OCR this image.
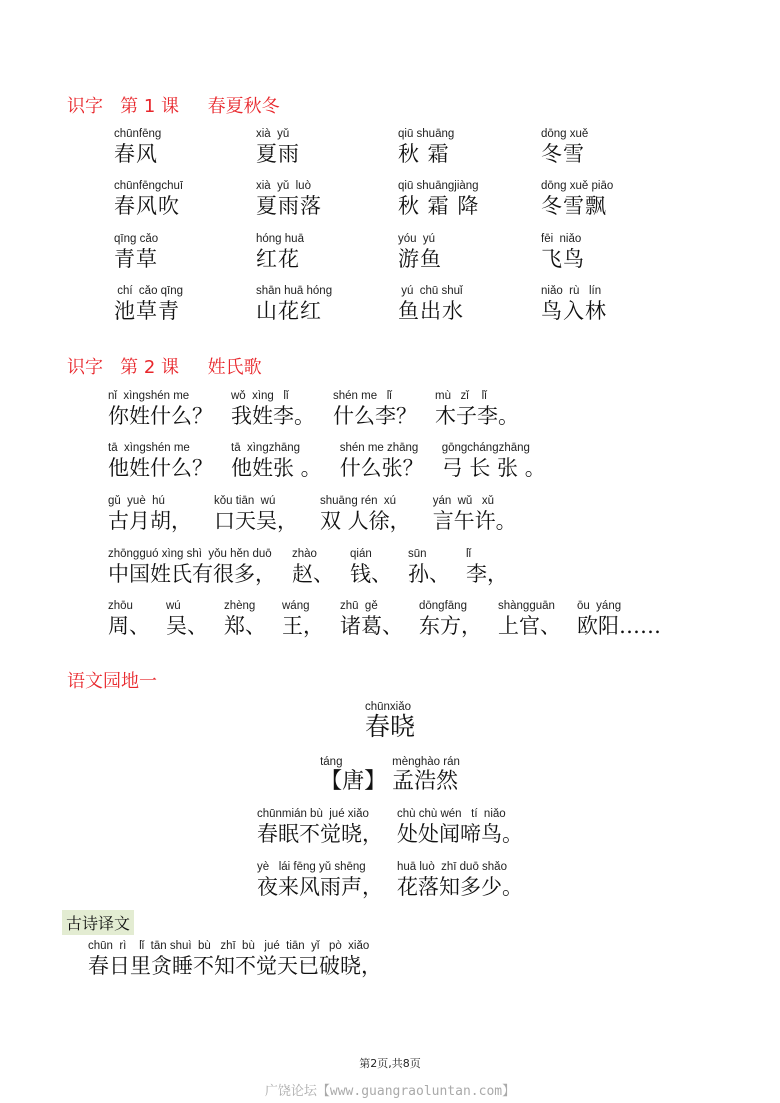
识字   第 1 课     春夏秋冬
chūnfēng
春风
xià  yǔ
夏雨
qiū shuāng
秋 霜
dōng xuě
冬雪
chūnfēngchuī
春风吹
xià  yǔ  luò
夏雨落
qiū shuāngjiàng
秋 霜 降
dōng xuě piāo
冬雪飘
qīng cǎo
青草
hóng huā
红花
yóu  yú
游鱼
fēi  niǎo
飞鸟
chí  cǎo qīng
池草青
shān huā hóng
山花红
yú  chū shuǐ
鱼出水
niǎo  rù   lín
鸟入林
识字   第 2 课     姓氏歌
nǐ  xìngshén me
你姓什么？
wǒ  xìng   lǐ
我姓李。
shén me   lǐ
什么李？
mù   zǐ    lǐ
木子李。
tā  xìngshén me
他姓什么？
tā  xìngzhāng
他姓张 。
shén me zhāng
什么张？
gōngchángzhāng
弓 长 张 。
gǔ  yuè  hú
古月胡，
kǒu tiān  wú
口天吴，
shuāng rén  xú
双 人徐，
yán  wǔ   xǔ
言午许。
zhōngguó xìng shì  yǒu hěn duō
中国姓氏有很多，
zhào
赵、
qián
钱、
sūn
孙、
lǐ
李，
zhōu
周、
wú
吴、
zhèng
郑、
wáng
王，
zhū  gě
诸葛、
dōngfāng
东方，
shàngguān
上官、
ōu  yáng
欧阳……
语文园地一
chūnxiǎo
春晓
táng
【唐】
mènghào rán
孟浩然
chūnmián bù  jué xiǎo
春眠不觉晓，
chù chù wén   tí  niǎo
处处闻啼鸟。
yè   lái fēng yǔ shēng
夜来风雨声，
huā luò  zhī duō shǎo
花落知多少。
古诗译文
chūn  rì    lǐ  tān shuì  bù   zhī  bù   jué  tiān  yǐ   pò  xiǎo
春日里贪睡不知不觉天已破晓，
第2页,共8页
广饶论坛【www.guangraoluntan.com】
